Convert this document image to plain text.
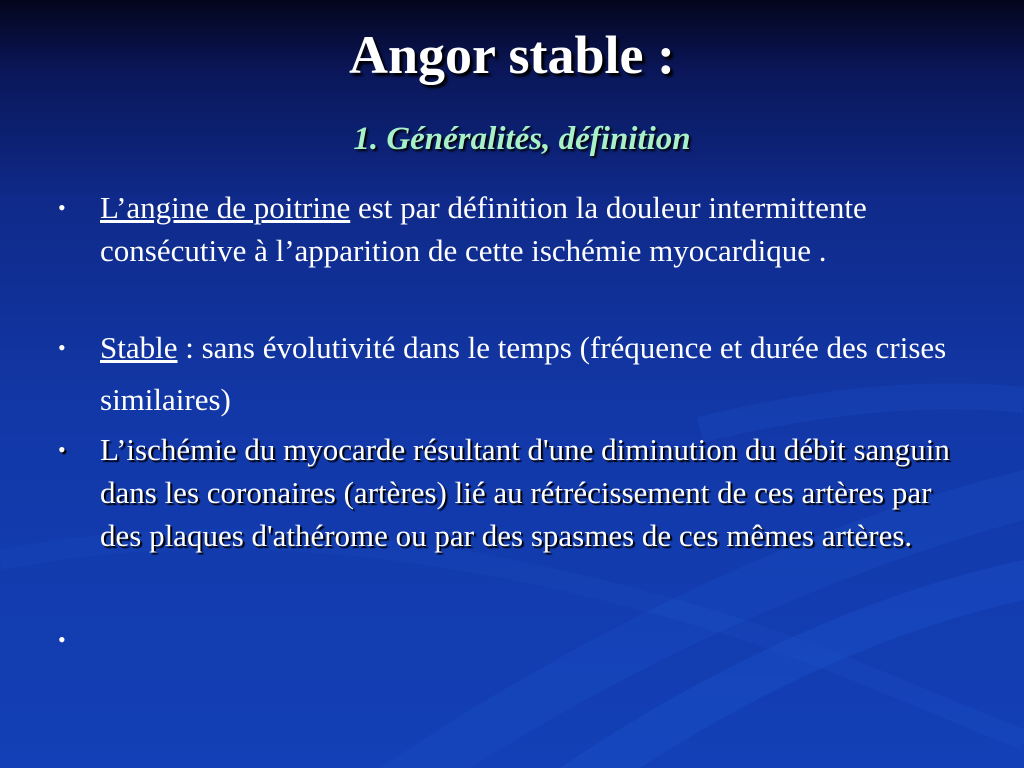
Angor stable :
1. Généralités, définition
• L’angine de poitrine est par définition la douleur intermittente consécutive à l’apparition de cette ischémie myocardique .
• Stable : sans évolutivité dans le temps (fréquence et durée des crises similaires)
• L’ischémie du myocarde résultant d'une diminution du débit sanguin dans les coronaires (artères) lié au rétrécissement de ces artères par des plaques d'athérome ou par des spasmes de ces mêmes artères.
•
